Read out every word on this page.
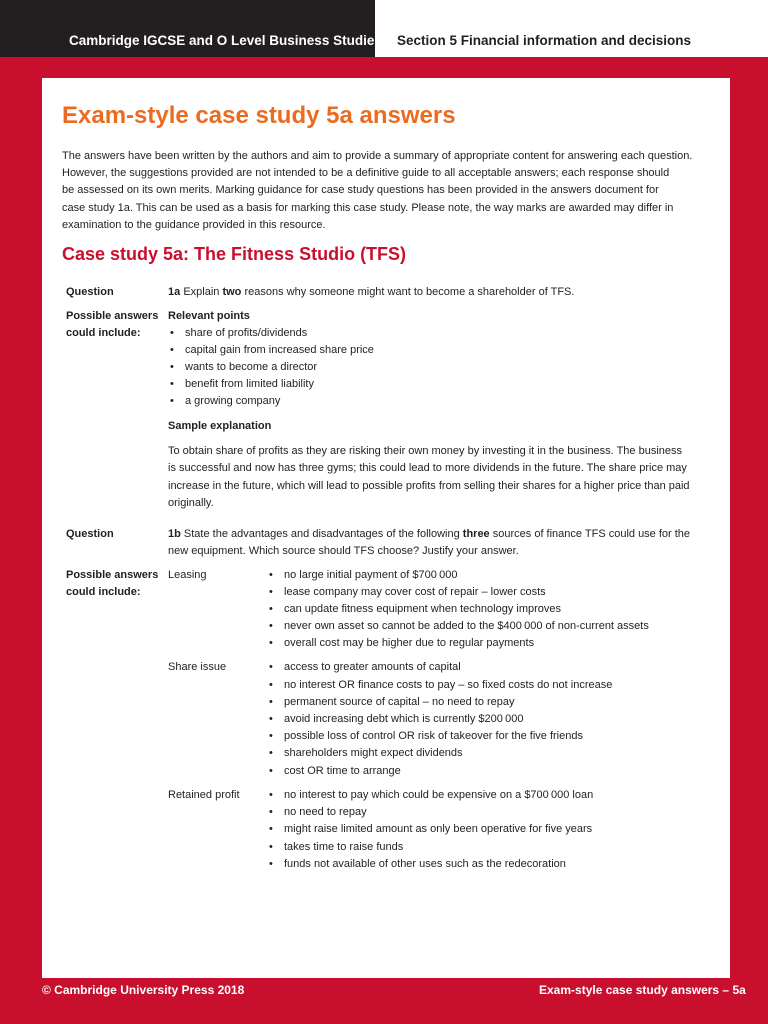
Cambridge IGCSE and O Level Business Studies Section 5 Financial information and decisions
Exam-style case study 5a answers
The answers have been written by the authors and aim to provide a summary of appropriate content for answering each question.
However, the suggestions provided are not intended to be a definitive guide to all acceptable answers; each response should
be assessed on its own merits. Marking guidance for case study questions has been provided in the answers document for
case study 1a. This can be used as a basis for marking this case study. Please note, the way marks are awarded may differ in
examination to the guidance provided in this resource.
Case study 5a: The Fitness Studio (TFS)
Question	1a Explain two reasons why someone might want to become a shareholder of TFS.
Possible answers
could include:
Relevant points
• share of profits/dividends
• capital gain from increased share price
• wants to become a director
• benefit from limited liability
• a growing company
Sample explanation
To obtain share of profits as they are risking their own money by investing it in the business. The business
is successful and now has three gyms; this could lead to more dividends in the future. The share price may
increase in the future, which will lead to possible profits from selling their shares for a higher price than paid
originally.
Question	1b State the advantages and disadvantages of the following three sources of finance TFS could use for the
new equipment. Which source should TFS choose? Justify your answer.
Possible answers
could include:
Leasing	• no large initial payment of $700 000
• lease company may cover cost of repair – lower costs
• can update fitness equipment when technology improves
• never own asset so cannot be added to the $400 000 of non-current assets
• overall cost may be higher due to regular payments
Share issue	• access to greater amounts of capital
• no interest OR finance costs to pay – so fixed costs do not increase
• permanent source of capital – no need to repay
• avoid increasing debt which is currently $200 000
• possible loss of control OR risk of takeover for the five friends
• shareholders might expect dividends
• cost OR time to arrange
Retained profit	• no interest to pay which could be expensive on a $700 000 loan
• no need to repay
• might raise limited amount as only been operative for five years
• takes time to raise funds
• funds not available of other uses such as the redecoration
© Cambridge University Press 2018	Exam-style case study answers – 5a
